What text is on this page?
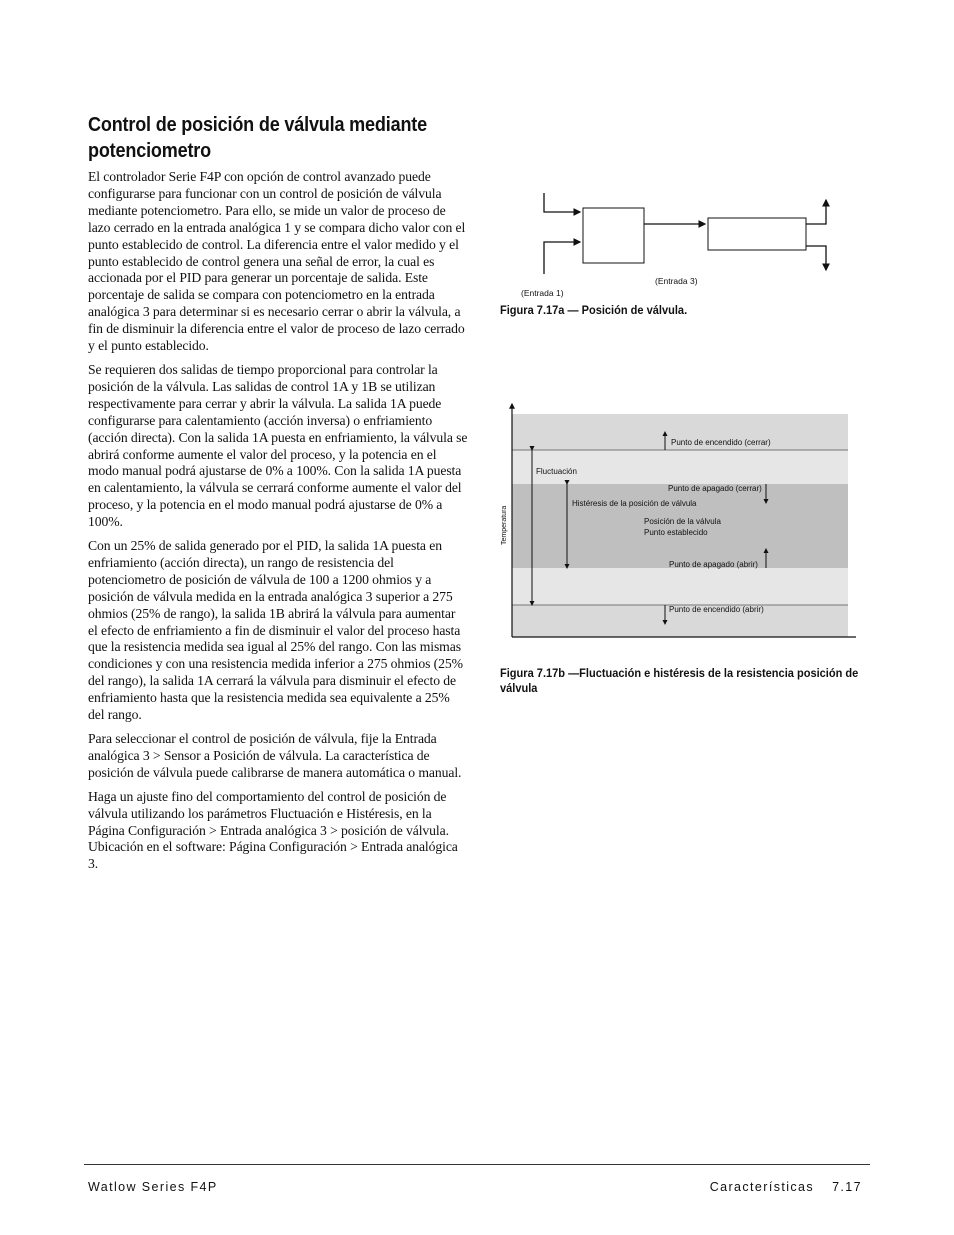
Control de posición de válvula mediante potenciometro

El controlador Serie F4P con opción de control avanzado puede configurarse para funcionar con un control de posición de válvula mediante potenciometro. Para ello, se mide un valor de proceso de lazo cerrado en la entrada analógica 1 y se compara dicho valor con el punto establecido de control. La diferencia entre el valor medido y el punto establecido de control genera una señal de error, la cual es accionada por el PID para generar un porcentaje de salida. Este porcentaje de salida se compara con potenciometro en la entrada analógica 3 para determinar si es necesario cerrar o abrir la válvula, a fin de disminuir la diferencia entre el valor de proceso de lazo cerrado y el punto establecido.

Se requieren dos salidas de tiempo proporcional para controlar la posición de la válvula. Las salidas de control 1A y 1B se utilizan respectivamente para cerrar y abrir la válvula. La salida 1A puede configurarse para calentamiento (acción inversa) o enfriamiento (acción directa). Con la salida 1A puesta en enfriamiento, la válvula se abrirá conforme aumente el valor del proceso, y la potencia en el modo manual podrá ajustarse de 0% a 100%. Con la salida 1A puesta en calentamiento, la válvula se cerrará conforme aumente el valor del proceso, y la potencia en el modo manual podrá ajustarse de 0% a 100%.

Con un 25% de salida generado por el PID, la salida 1A puesta en enfriamiento (acción directa), un rango de resistencia del potenciometro de posición de válvula de 100 a 1200 ohmios y a posición de válvula medida en la entrada analógica 3 superior a 275 ohmios (25% de rango), la salida 1B abrirá la válvula para aumentar el efecto de enfriamiento a fin de disminuir el valor del proceso hasta que la resistencia medida sea igual al 25% del rango. Con las mismas condiciones y con una resistencia medida inferior a 275 ohmios (25% del rango), la salida 1A cerrará la válvula para disminuir el efecto de enfriamiento hasta que la resistencia medida sea equivalente a 25% del rango.

Para seleccionar el control de posición de válvula, fije la Entrada analógica 3 > Sensor a Posición de válvula. La característica de posición de válvula puede calibrarse de manera automática o manual.

Haga un ajuste fino del comportamiento del control de posición de válvula utilizando los parámetros Fluctuación e Histéresis, en la Página Configuración > Entrada analógica 3 > posición de válvula. Ubicación en el software: Página Configuración > Entrada analógica 3.

(Entrada 3)
(Entrada 1)

Figura 7.17a — Posición de válvula.

Temperatura
Fluctuación
Histéresis de la posición de válvula
Punto de encendido (cerrar)
Punto de apagado (cerrar)
Posición de la válvula
Punto establecido
Punto de apagado (abrir)
Punto de encendido (abrir)

Figura 7.17b —Fluctuación e histéresis de la resistencia posición de válvula

Watlow Series F4P	Características 7.17
